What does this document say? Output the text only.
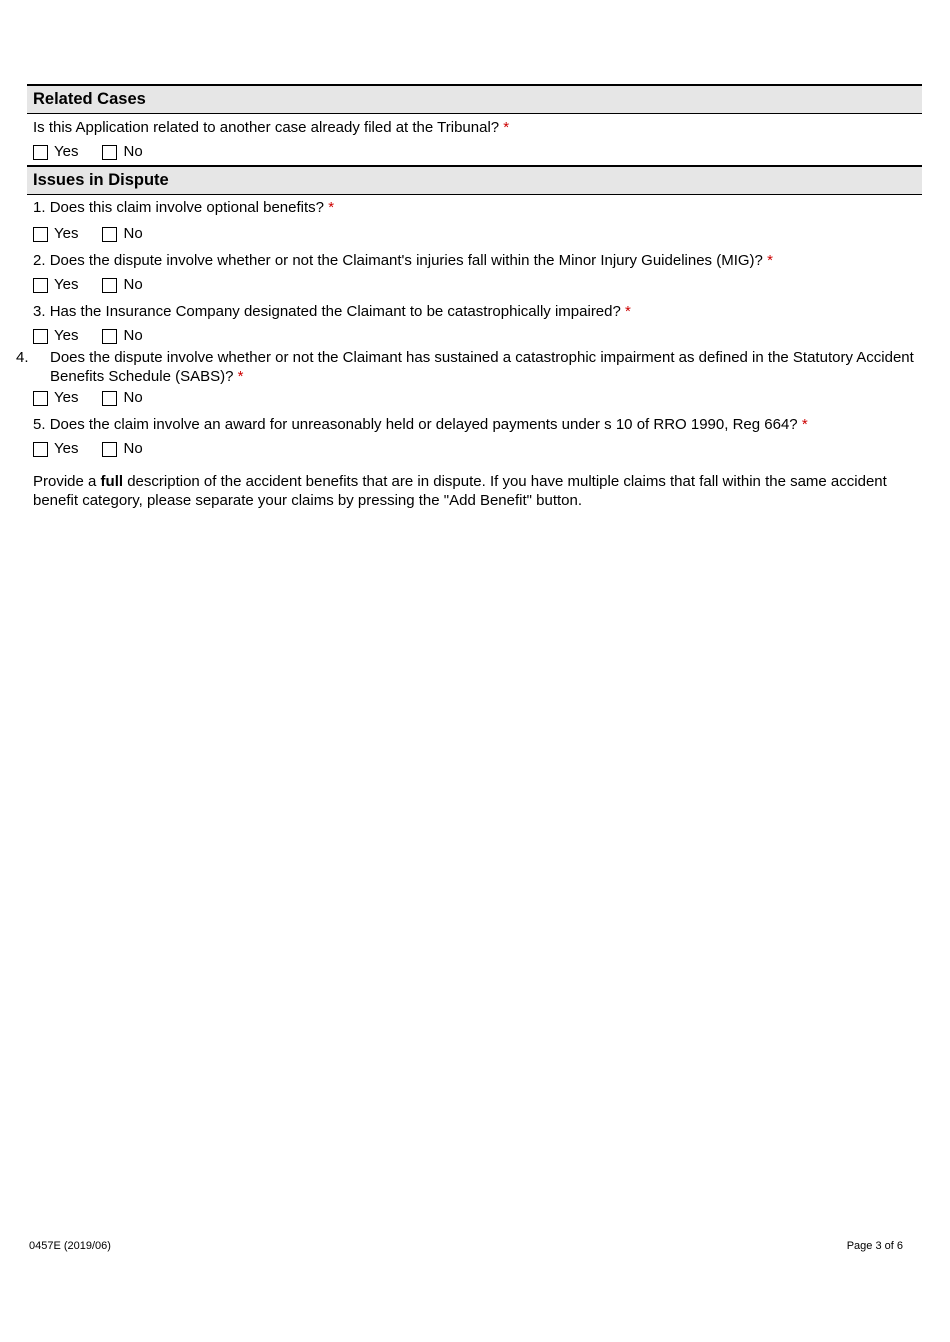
Related Cases
Is this Application related to another case already filed at the Tribunal? *
Yes	No
Issues in Dispute
1. Does this claim involve optional benefits? *
Yes	No
2. Does the dispute involve whether or not the Claimant's injuries fall within the Minor Injury Guidelines (MIG)? *
Yes	No
3. Has the Insurance Company designated the Claimant to be catastrophically impaired? *
Yes	No
4. Does the dispute involve whether or not the Claimant has sustained a catastrophic impairment as defined in the Statutory Accident Benefits Schedule (SABS)? *
Yes	No
5. Does the claim involve an award for unreasonably held or delayed payments under s 10 of RRO 1990, Reg 664? *
Yes	No
Provide a full description of the accident benefits that are in dispute. If you have multiple claims that fall within the same accident benefit category, please separate your claims by pressing the "Add Benefit" button.
0457E (2019/06)	Page 3 of 6
